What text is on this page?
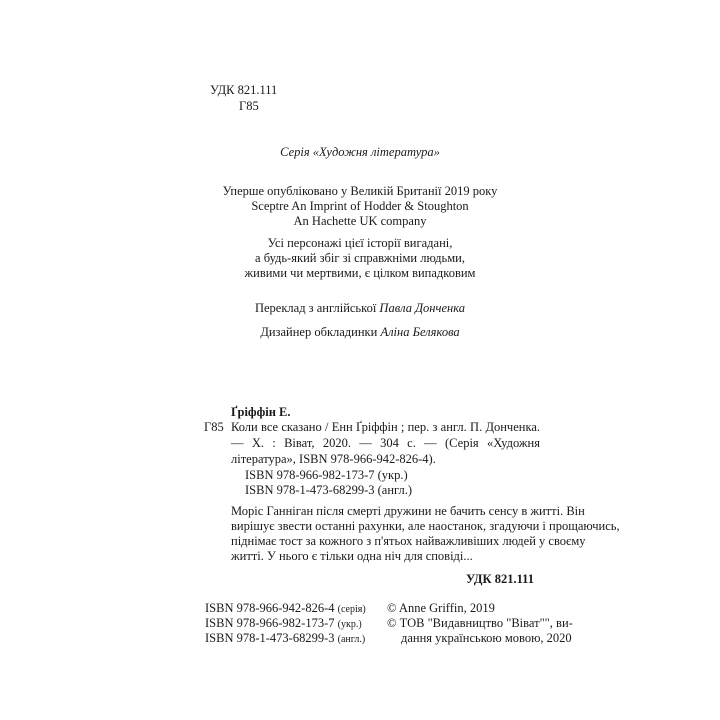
УДК 821.111
Г85
Серія «Художня література»
Уперше опубліковано у Великій Британії 2019 року
Sceptre An Imprint of Hodder & Stoughton
An Hachette UK company
Усі персонажі цієї історії вигадані,
а будь-який збіг зі справжніми людьми,
живими чи мертвими, є цілком випадковим
Переклад з англійської Павла Донченка
Дизайнер обкладинки Аліна Белякова
Ґріффін Е.
Г85 Коли все сказано / Енн Ґріффін ; пер. з англ. П. Донченка. — Х. : Віват, 2020. — 304 с. — (Серія «Художня література», ISBN 978-966-942-826-4).
ISBN 978-966-982-173-7 (укр.)
ISBN 978-1-473-68299-3 (англ.)
Моріс Ганніган після смерті дружини не бачить сенсу в житті. Він
вирішує звести останні рахунки, але наостанок, згадуючи і прощаючись,
піднімає тост за кожного з п'ятьох найважливіших людей у своєму
житті. У нього є тільки одна ніч для сповіді...
УДК 821.111
ISBN 978-966-942-826-4 (серія)
ISBN 978-966-982-173-7 (укр.)
ISBN 978-1-473-68299-3 (англ.)
© Anne Griffin, 2019
© ТОВ "Видавництво "Віват"", ви-
дання українською мовою, 2020
